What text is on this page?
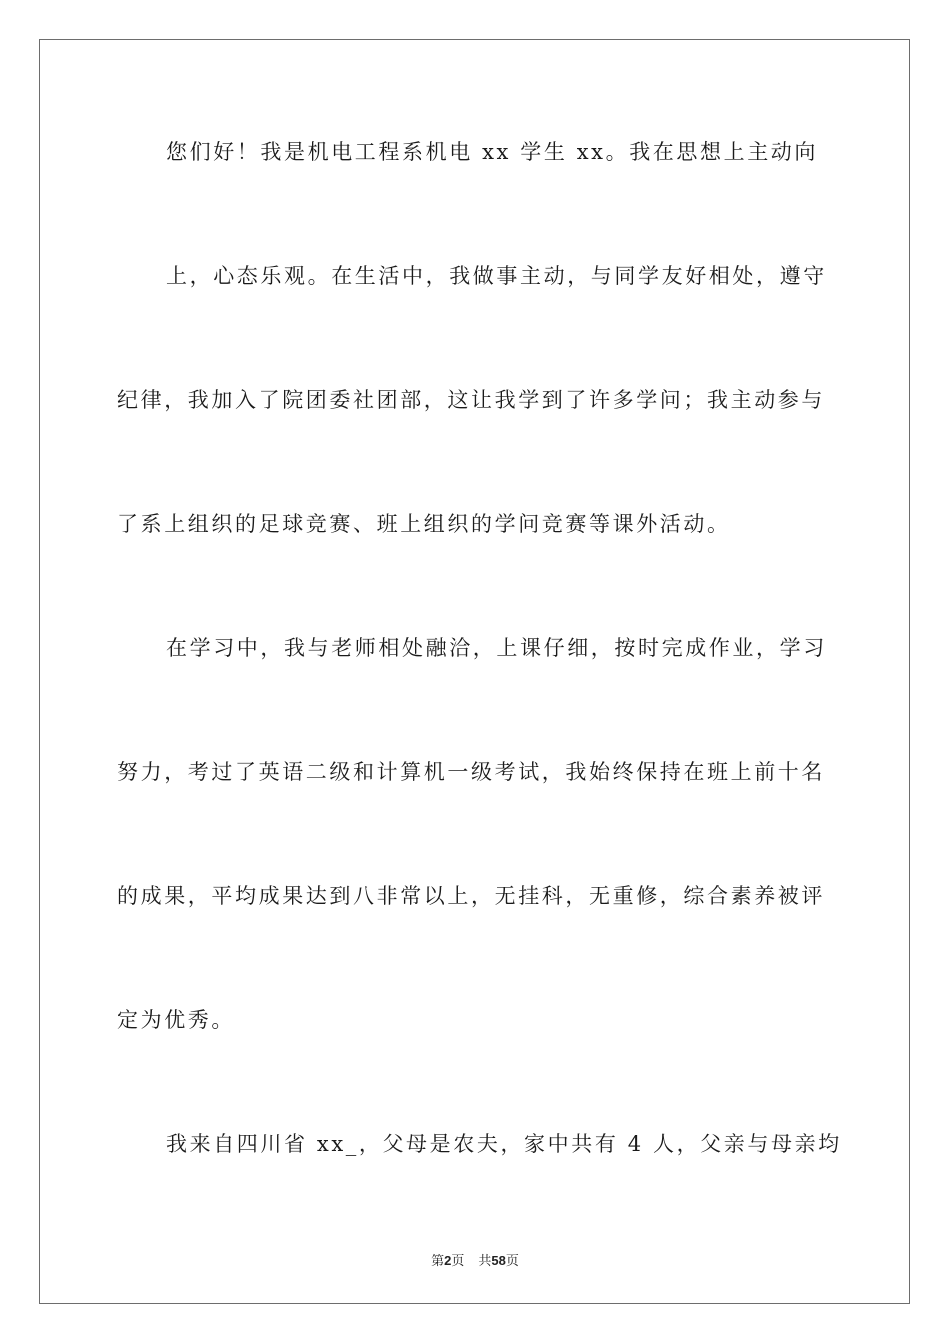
您们好！我是机电工程系机电 xx 学生 xx。我在思想上主动向
上，心态乐观。在生活中，我做事主动，与同学友好相处，遵守
纪律，我加入了院团委社团部，这让我学到了许多学问；我主动参与
了系上组织的足球竞赛、班上组织的学问竞赛等课外活动。
在学习中，我与老师相处融洽，上课仔细，按时完成作业，学习
努力，考过了英语二级和计算机一级考试，我始终保持在班上前十名
的成果，平均成果达到八非常以上，无挂科，无重修，综合素养被评
定为优秀。
我来自四川省 xx_，父母是农夫，家中共有 4 人，父亲与母亲均
第2页 共58页
